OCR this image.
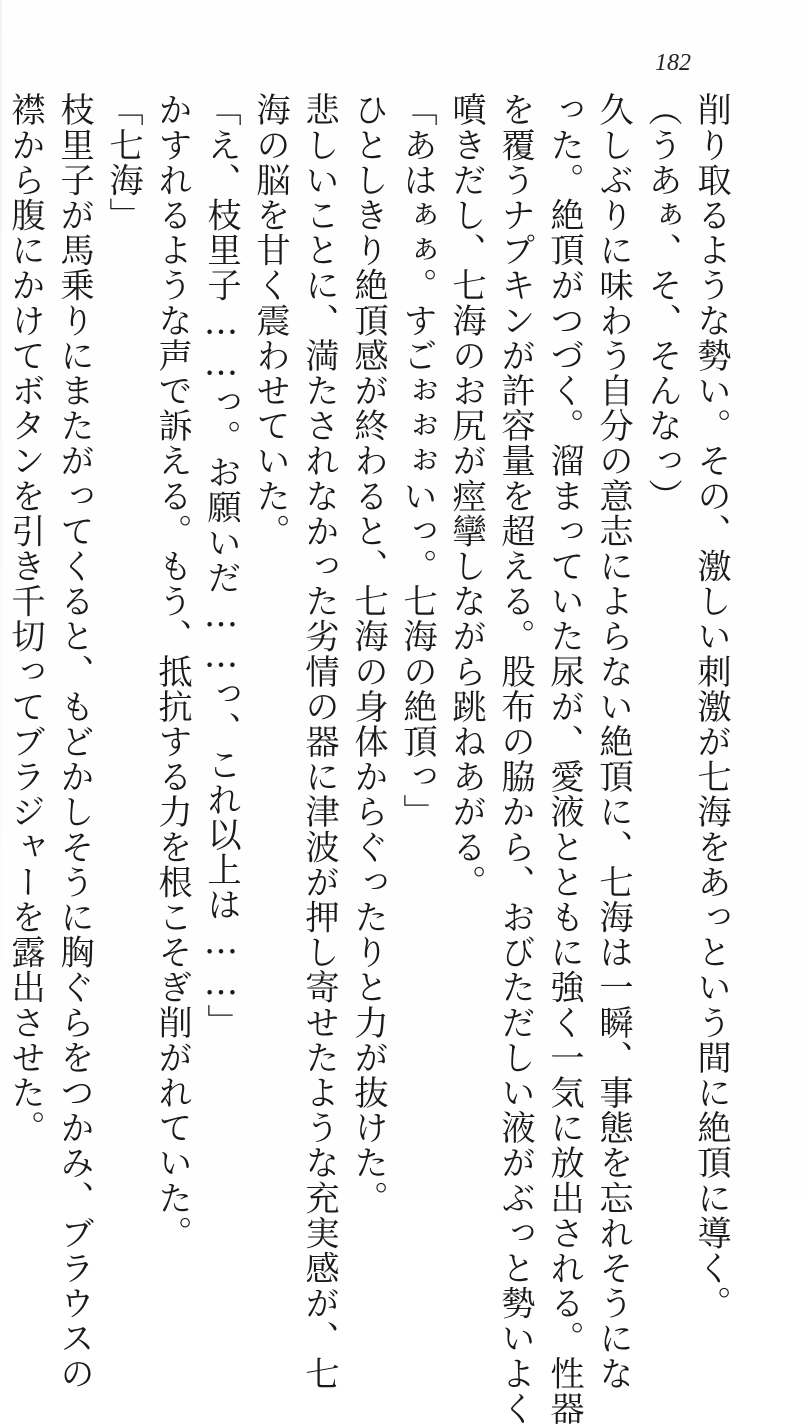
182
削り取るような勢い。その、激しい刺激が七海をあっという間に絶頂に導く。
（うあぁ、そ、そんなっ）
久しぶりに味わう自分の意志によらない絶頂に、七海は一瞬、事態を忘れそうにな
った。絶頂がつづく。溜まっていた尿が、愛液とともに強く一気に放出される。性器
を覆うナプキンが許容量を超える。股布の脇から、おびただしい液がぶっと勢いよく
噴きだし、七海のお尻が痙攣しながら跳ねあがる。
「あはぁぁ。すごぉぉぉいっ。七海の絶頂っ」
ひとしきり絶頂感が終わると、七海の身体からぐったりと力が抜けた。
悲しいことに、満たされなかった劣情の器に津波が押し寄せたような充実感が、七
海の脳を甘く震わせていた。
「え、枝里子……っ。お願いだ……っ、これ以上は……」
かすれるような声で訴える。もう、抵抗する力を根こそぎ削がれていた。
「七海」
枝里子が馬乗りにまたがってくると、もどかしそうに胸ぐらをつかみ、ブラウスの
襟から腹にかけてボタンを引き千切ってブラジャーを露出させた。
